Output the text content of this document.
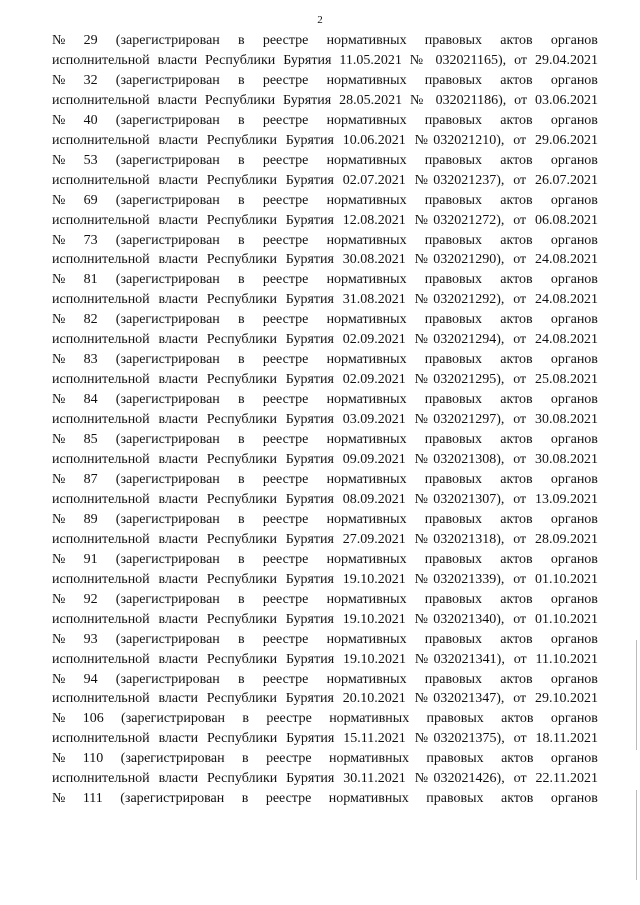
2
№ 29 (зарегистрирован в реестре нормативных правовых актов органов
исполнительной власти Республики Бурятия 11.05.2021 № 032021165), от 29.04.2021
№ 32 (зарегистрирован в реестре нормативных правовых актов органов
исполнительной власти Республики Бурятия 28.05.2021 № 032021186), от 03.06.2021
№ 40 (зарегистрирован в реестре нормативных правовых актов органов
исполнительной власти Республики Бурятия 10.06.2021 №032021210), от 29.06.2021
№ 53 (зарегистрирован в реестре нормативных правовых актов органов
исполнительной власти Республики Бурятия 02.07.2021 №032021237), от 26.07.2021
№ 69 (зарегистрирован в реестре нормативных правовых актов органов
исполнительной власти Республики Бурятия 12.08.2021 №032021272), от 06.08.2021
№ 73 (зарегистрирован в реестре нормативных правовых актов органов
исполнительной власти Республики Бурятия 30.08.2021 №032021290), от 24.08.2021
№ 81 (зарегистрирован в реестре нормативных правовых актов органов
исполнительной власти Республики Бурятия 31.08.2021 №032021292), от 24.08.2021
№ 82 (зарегистрирован в реестре нормативных правовых актов органов
исполнительной власти Республики Бурятия 02.09.2021 №032021294), от 24.08.2021
№ 83 (зарегистрирован в реестре нормативных правовых актов органов
исполнительной власти Республики Бурятия 02.09.2021 №032021295), от 25.08.2021
№ 84 (зарегистрирован в реестре нормативных правовых актов органов
исполнительной власти Республики Бурятия 03.09.2021 №032021297), от 30.08.2021
№ 85 (зарегистрирован в реестре нормативных правовых актов органов
исполнительной власти Республики Бурятия 09.09.2021 №032021308), от 30.08.2021
№ 87 (зарегистрирован в реестре нормативных правовых актов органов
исполнительной власти Республики Бурятия 08.09.2021 №032021307), от 13.09.2021
№ 89 (зарегистрирован в реестре нормативных правовых актов органов
исполнительной власти Республики Бурятия 27.09.2021 №032021318), от 28.09.2021
№ 91 (зарегистрирован в реестре нормативных правовых актов органов
исполнительной власти Республики Бурятия 19.10.2021 №032021339), от 01.10.2021
№ 92 (зарегистрирован в реестре нормативных правовых актов органов
исполнительной власти Республики Бурятия 19.10.2021 №032021340), от 01.10.2021
№ 93 (зарегистрирован в реестре нормативных правовых актов органов
исполнительной власти Республики Бурятия 19.10.2021 №032021341), от 11.10.2021
№ 94 (зарегистрирован в реестре нормативных правовых актов органов
исполнительной власти Республики Бурятия 20.10.2021 №032021347), от 29.10.2021
№ 106 (зарегистрирован в реестре нормативных правовых актов органов
исполнительной власти Республики Бурятия 15.11.2021 №032021375), от 18.11.2021
№ 110 (зарегистрирован в реестре нормативных правовых актов органов
исполнительной власти Республики Бурятия 30.11.2021 №032021426), от 22.11.2021
№ 111 (зарегистрирован в реестре нормативных правовых актов органов
